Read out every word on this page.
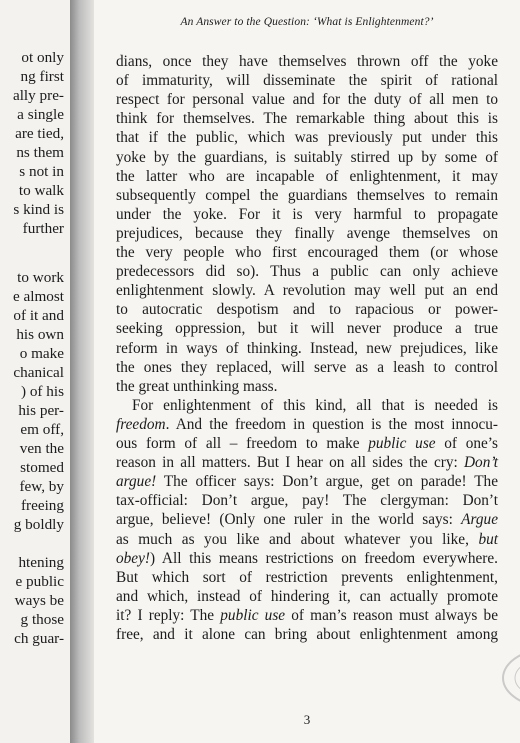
ot only
ng first
ally pre-
a single
are tied,
ns them
s not in
to walk
s kind is
further
to work
e almost
of it and
his own
o make
chanical
) of his
his per-
em off,
ven the
stomed
few, by
freeing
g boldly
htening
e public
ways be
g those
ch guar-
An Answer to the Question: ‘What is Enlightenment?’
3
dians, once they have themselves thrown off the yoke
of immaturity, will disseminate the spirit of rational
respect for personal value and for the duty of all men to
think for themselves. The remarkable thing about this is
that if the public, which was previously put under this
yoke by the guardians, is suitably stirred up by some of
the latter who are incapable of enlightenment, it may
subsequently compel the guardians themselves to remain
under the yoke. For it is very harmful to propagate
prejudices, because they finally avenge themselves on
the very people who first encouraged them (or whose
predecessors did so). Thus a public can only achieve
enlightenment slowly. A revolution may well put an end
to autocratic despotism and to rapacious or power-
seeking oppression, but it will never produce a true
reform in ways of thinking. Instead, new prejudices, like
the ones they replaced, will serve as a leash to control
the great unthinking mass.
For enlightenment of this kind, all that is needed is
freedom. And the freedom in question is the most innocu-
ous form of all – freedom to make public use of one’s
reason in all matters. But I hear on all sides the cry: Don’t
argue! The officer says: Don’t argue, get on parade! The
tax-official: Don’t argue, pay! The clergyman: Don’t
argue, believe! (Only one ruler in the world says: Argue
as much as you like and about whatever you like, but
obey!) All this means restrictions on freedom everywhere.
But which sort of restriction prevents enlightenment,
and which, instead of hindering it, can actually promote
it? I reply: The public use of man’s reason must always be
free, and it alone can bring about enlightenment among
